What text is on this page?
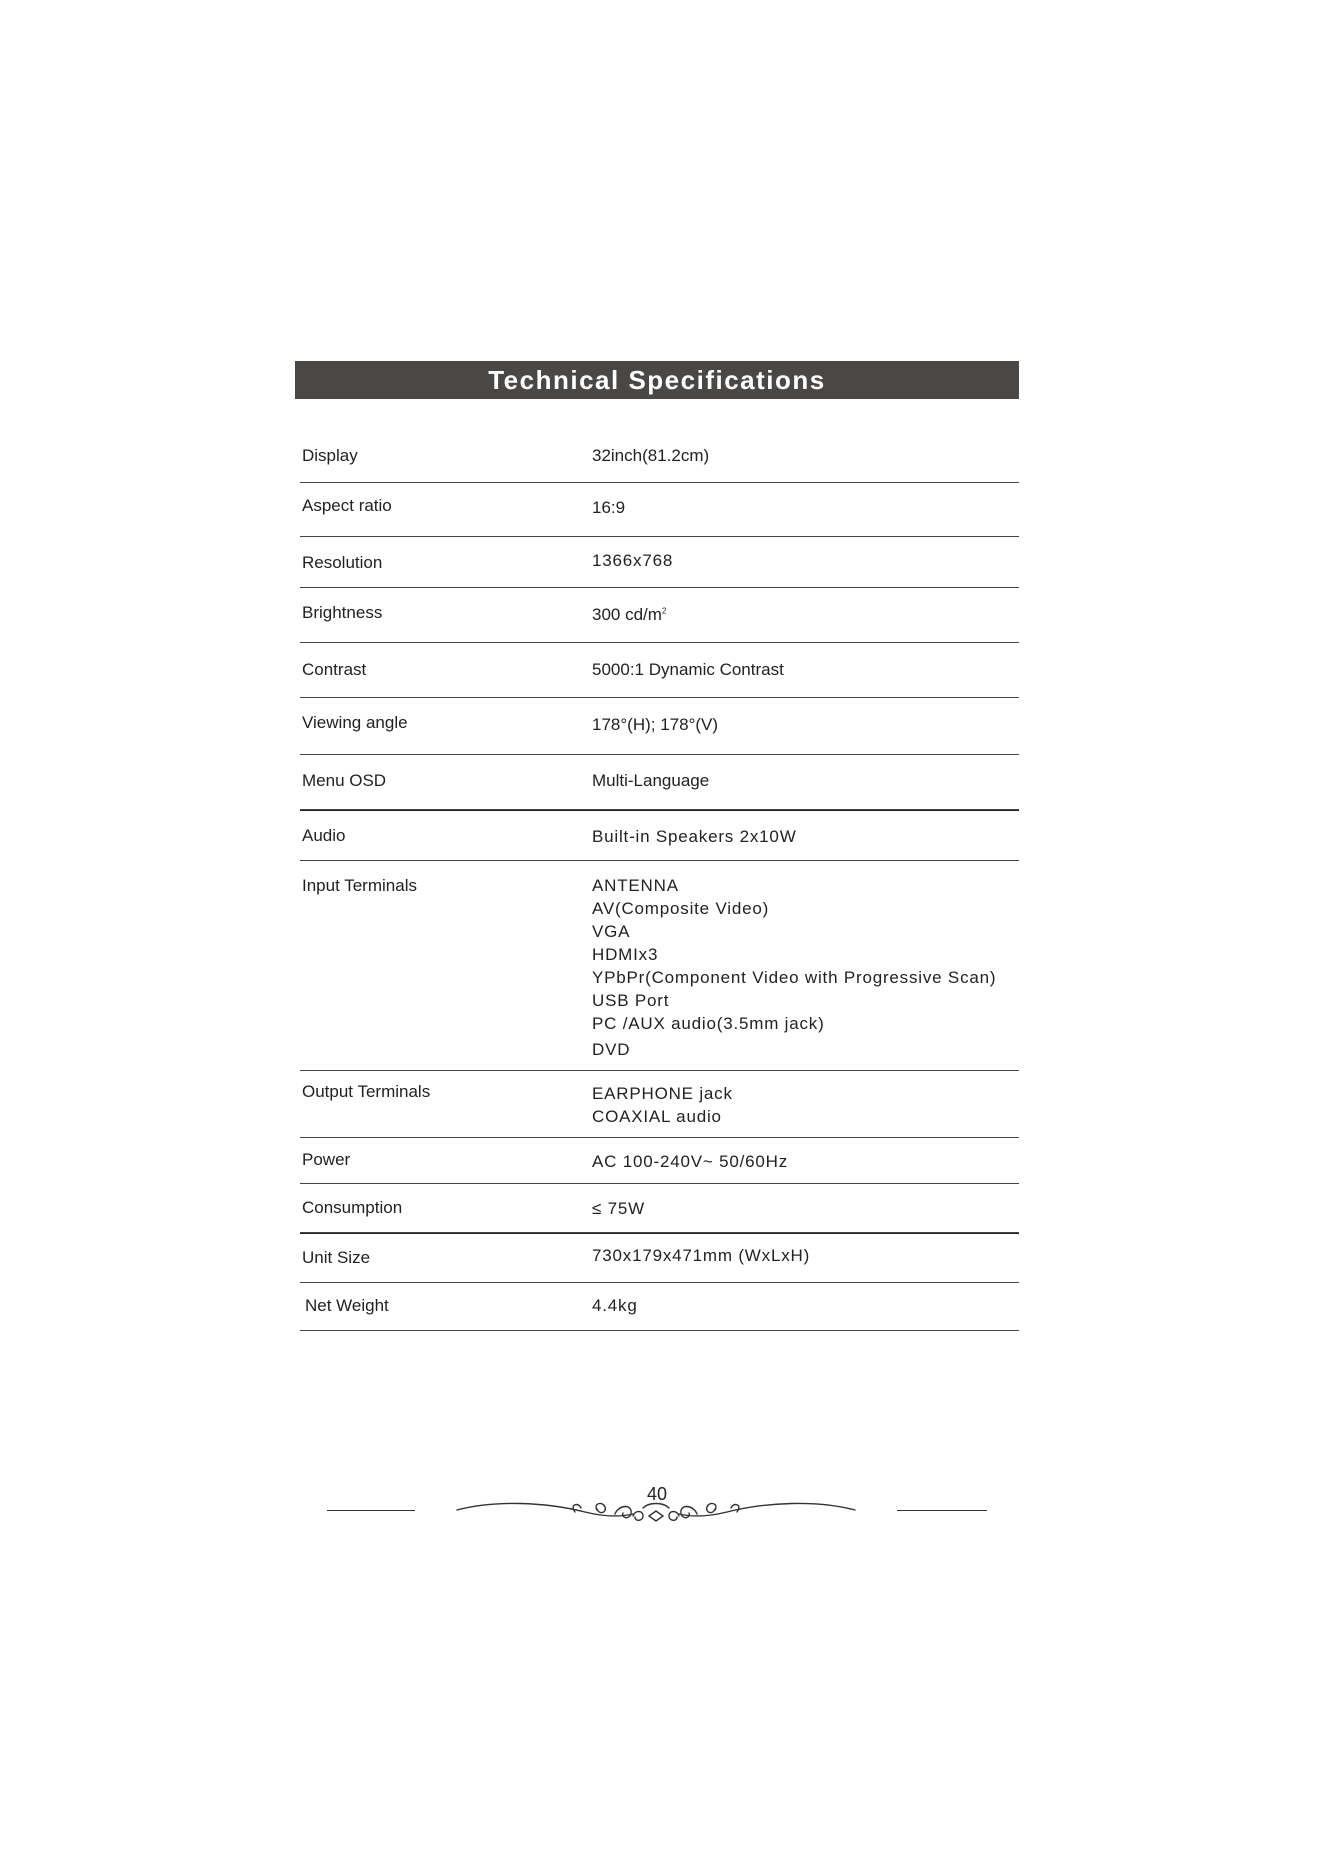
Technical Specifications
Display	32inch(81.2cm)
Aspect ratio	16:9
Resolution	1366x768
Brightness	300 $cd/m^2$
Contrast	5000:1 Dynamic Contrast
Viewing angle	178°(H); 178°(V)
Menu OSD	Multi-Language
Audio	Built-in Speakers 2x10W
Input Terminals	ANTENNA
AV(Composite Video)
VGA
HDMIx3
YPbPr(Component Video with Progressive Scan)
USB Port
PC /AUX audio(3.5mm jack)
DVD
Output Terminals	EARPHONE jack
COAXIAL audio
Power	AC 100-240V~ 50/60Hz
Consumption	≤ 75W
Unit Size	730x179x471mm (WxLxH)
Net Weight	4.4kg
40
